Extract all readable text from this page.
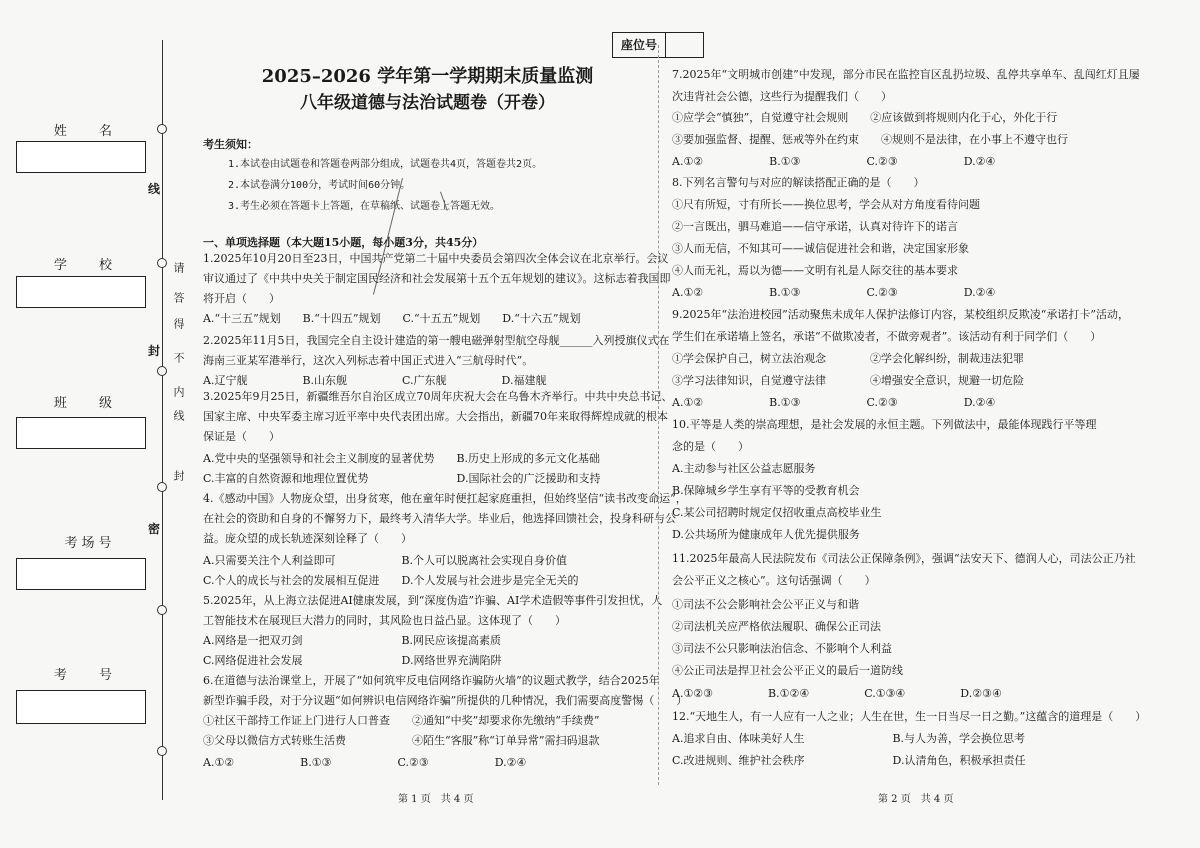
姓 名
学 校
班 级
考场号
考 号
线
请
答
得
不
内
线
封
密
封
座位号
2025–2026 学年第一学期期末质量监测
八年级道德与法治试题卷（开卷）
考生须知：
1.本试卷由试题卷和答题卷两部分组成，试题卷共4页，答题卷共2页。
2.本试卷满分100分，考试时间60分钟。
3.考生必须在答题卡上答题，在草稿纸、试题卷上答题无效。
一、单项选择题（本大题15小题，每小题3分，共45分）
1.2025年10月20日至23日，中国共产党第二十届中央委员会第四次全体会议在北京举行。会议
审议通过了《中共中央关于制定国民经济和社会发展第十五个五年规划的建议》。这标志着我国即
将开启（　　）
A.“十三五”规划　　B.“十四五”规划　　C.“十五五”规划　　D.“十六五”规划
2.2025年11月5日，我国完全自主设计建造的第一艘电磁弹射型航空母舰______入列授旗仪式在
海南三亚某军港举行，这次入列标志着中国正式进入“三航母时代”。
A.辽宁舰　　　　　B.山东舰　　　　　C.广东舰　　　　　D.福建舰
3.2025年9月25日，新疆维吾尔自治区成立70周年庆祝大会在乌鲁木齐举行。中共中央总书记、
国家主席、中央军委主席习近平率中央代表团出席。大会指出，新疆70年来取得辉煌成就的根本
保证是（　　）
A.党中央的坚强领导和社会主义制度的显著优势　　B.历史上形成的多元文化基础
C.丰富的自然资源和地理位置优势　　　　　　　　D.国际社会的广泛援助和支持
4.《感动中国》人物庞众望，出身贫寒，他在童年时便扛起家庭重担，但始终坚信“读书改变命运”，
在社会的资助和自身的不懈努力下，最终考入清华大学。毕业后，他选择回馈社会，投身科研与公
益。庞众望的成长轨迹深刻诠释了（　　）
A.只需要关注个人利益即可　　　　　　B.个人可以脱离社会实现自身价值
C.个人的成长与社会的发展相互促进　　D.个人发展与社会进步是完全无关的
5.2025年，从上海立法促进AI健康发展，到“深度伪造”诈骗、AI学术造假等事件引发担忧，人
工智能技术在展现巨大潜力的同时，其风险也日益凸显。这体现了（　　）
A.网络是一把双刃剑　　　　　　　　　B.网民应该提高素质
C.网络促进社会发展　　　　　　　　　D.网络世界充满陷阱
6.在道德与法治课堂上，开展了“如何筑牢反电信网络诈骗防火墙”的议题式教学，结合2025年
新型诈骗手段，对于分议题“如何辨识电信网络诈骗”所提供的几种情况，我们需要高度警惕（　　）
①社区干部持工作证上门进行人口普查　　②通知“中奖”却要求你先缴纳“手续费”
③父母以微信方式转账生活费　　　　　　④陌生“客服”称“订单异常”需扫码退款
A.①②　　　　　　B.①③　　　　　　C.②③　　　　　　D.②④
7.2025年“文明城市创建”中发现，部分市民在监控盲区乱扔垃圾、乱停共享单车、乱闯红灯且屡
次违背社会公德，这些行为提醒我们（　　）
①应学会“慎独”，自觉遵守社会规则　　②应该做到将规则内化于心，外化于行
③要加强监督、提醒、惩戒等外在约束　　④规则不是法律，在小事上不遵守也行
A.①②　　　　　　B.①③　　　　　　C.②③　　　　　　D.②④
8.下列名言警句与对应的解读搭配正确的是（　　）
①尺有所短，寸有所长——换位思考，学会从对方角度看待问题
②一言既出，驷马难追——信守承诺，认真对待许下的诺言
③人而无信，不知其可——诚信促进社会和谐，决定国家形象
④人而无礼，焉以为德——文明有礼是人际交往的基本要求
A.①②　　　　　　B.①③　　　　　　C.②③　　　　　　D.②④
9.2025年“法治进校园”活动聚焦未成年人保护法修订内容，某校组织反欺凌“承诺打卡”活动，
学生们在承诺墙上签名，承诺“不做欺凌者，不做旁观者”。该活动有利于同学们（　　）
①学会保护自己，树立法治观念　　　　②学会化解纠纷，制裁违法犯罪
③学习法律知识，自觉遵守法律　　　　④增强安全意识，规避一切危险
A.①②　　　　　　B.①③　　　　　　C.②③　　　　　　D.②④
10.平等是人类的崇高理想，是社会发展的永恒主题。下列做法中，最能体现践行平等理
念的是（　　）
A.主动参与社区公益志愿服务
B.保障城乡学生享有平等的受教育机会
C.某公司招聘时规定仅招收重点高校毕业生
D.公共场所为健康成年人优先提供服务
11.2025年最高人民法院发布《司法公正保障条例》，强调“法安天下、德润人心，司法公正乃社
会公平正义之核心”。这句话强调（　　）
①司法不公会影响社会公平正义与和谐
②司法机关应严格依法履职、确保公正司法
③司法不公只影响法治信念、不影响个人利益
④公正司法是捍卫社会公平正义的最后一道防线
A.①②③　　　　　B.①②④　　　　　C.①③④　　　　　D.②③④
12.“天地生人，有一人应有一人之业；人生在世，生一日当尽一日之勤。”这蕴含的道理是（　　）
A.追求自由、体味美好人生　　　　　　　　B.与人为善，学会换位思考
C.改进规则、维护社会秩序　　　　　　　　D.认清角色，积极承担责任
第 1 页　共 4 页	第 2 页　共 4 页
